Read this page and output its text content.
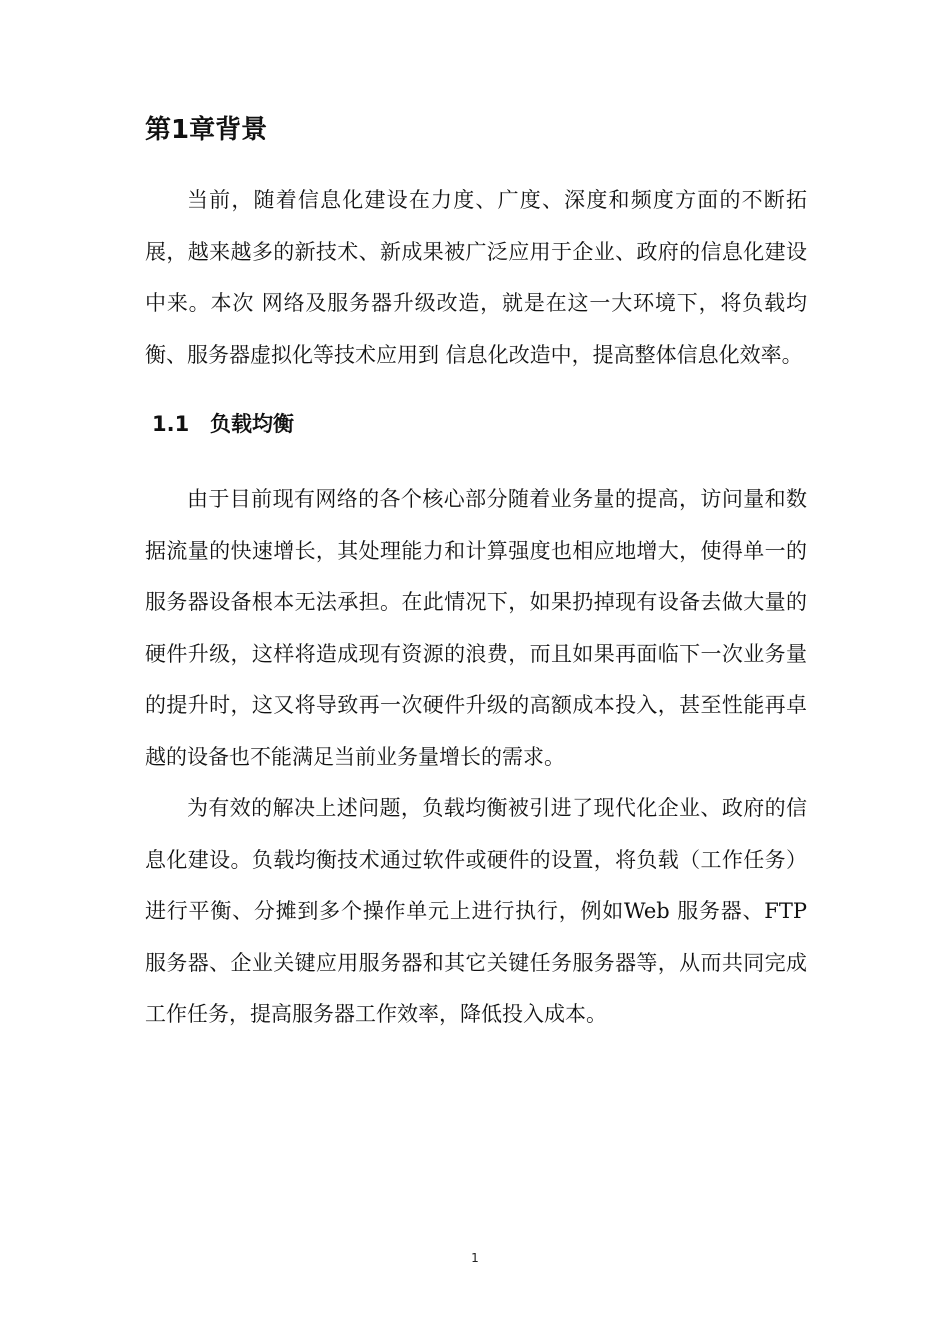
第1章背景

当前，随着信息化建设在力度、广度、深度和频度方面的不断拓展，越来越多的新技术、新成果被广泛应用于企业、政府的信息化建设中来。本次 网络及服务器升级改造，就是在这一大环境下，将负载均衡、服务器虚拟化等技术应用到 信息化改造中，提高整体信息化效率。

1.1 负载均衡

由于目前现有网络的各个核心部分随着业务量的提高，访问量和数据流量的快速增长，其处理能力和计算强度也相应地增大，使得单一的服务器设备根本无法承担。在此情况下，如果扔掉现有设备去做大量的硬件升级，这样将造成现有资源的浪费，而且如果再面临下一次业务量的提升时，这又将导致再一次硬件升级的高额成本投入，甚至性能再卓越的设备也不能满足当前业务量增长的需求。

为有效的解决上述问题，负载均衡被引进了现代化企业、政府的信息化建设。负载均衡技术通过软件或硬件的设置，将负载（工作任务）进行平衡、分摊到多个操作单元上进行执行，例如Web 服务器、FTP 服务器、企业关键应用服务器和其它关键任务服务器等，从而共同完成工作任务，提高服务器工作效率，降低投入成本。

1
